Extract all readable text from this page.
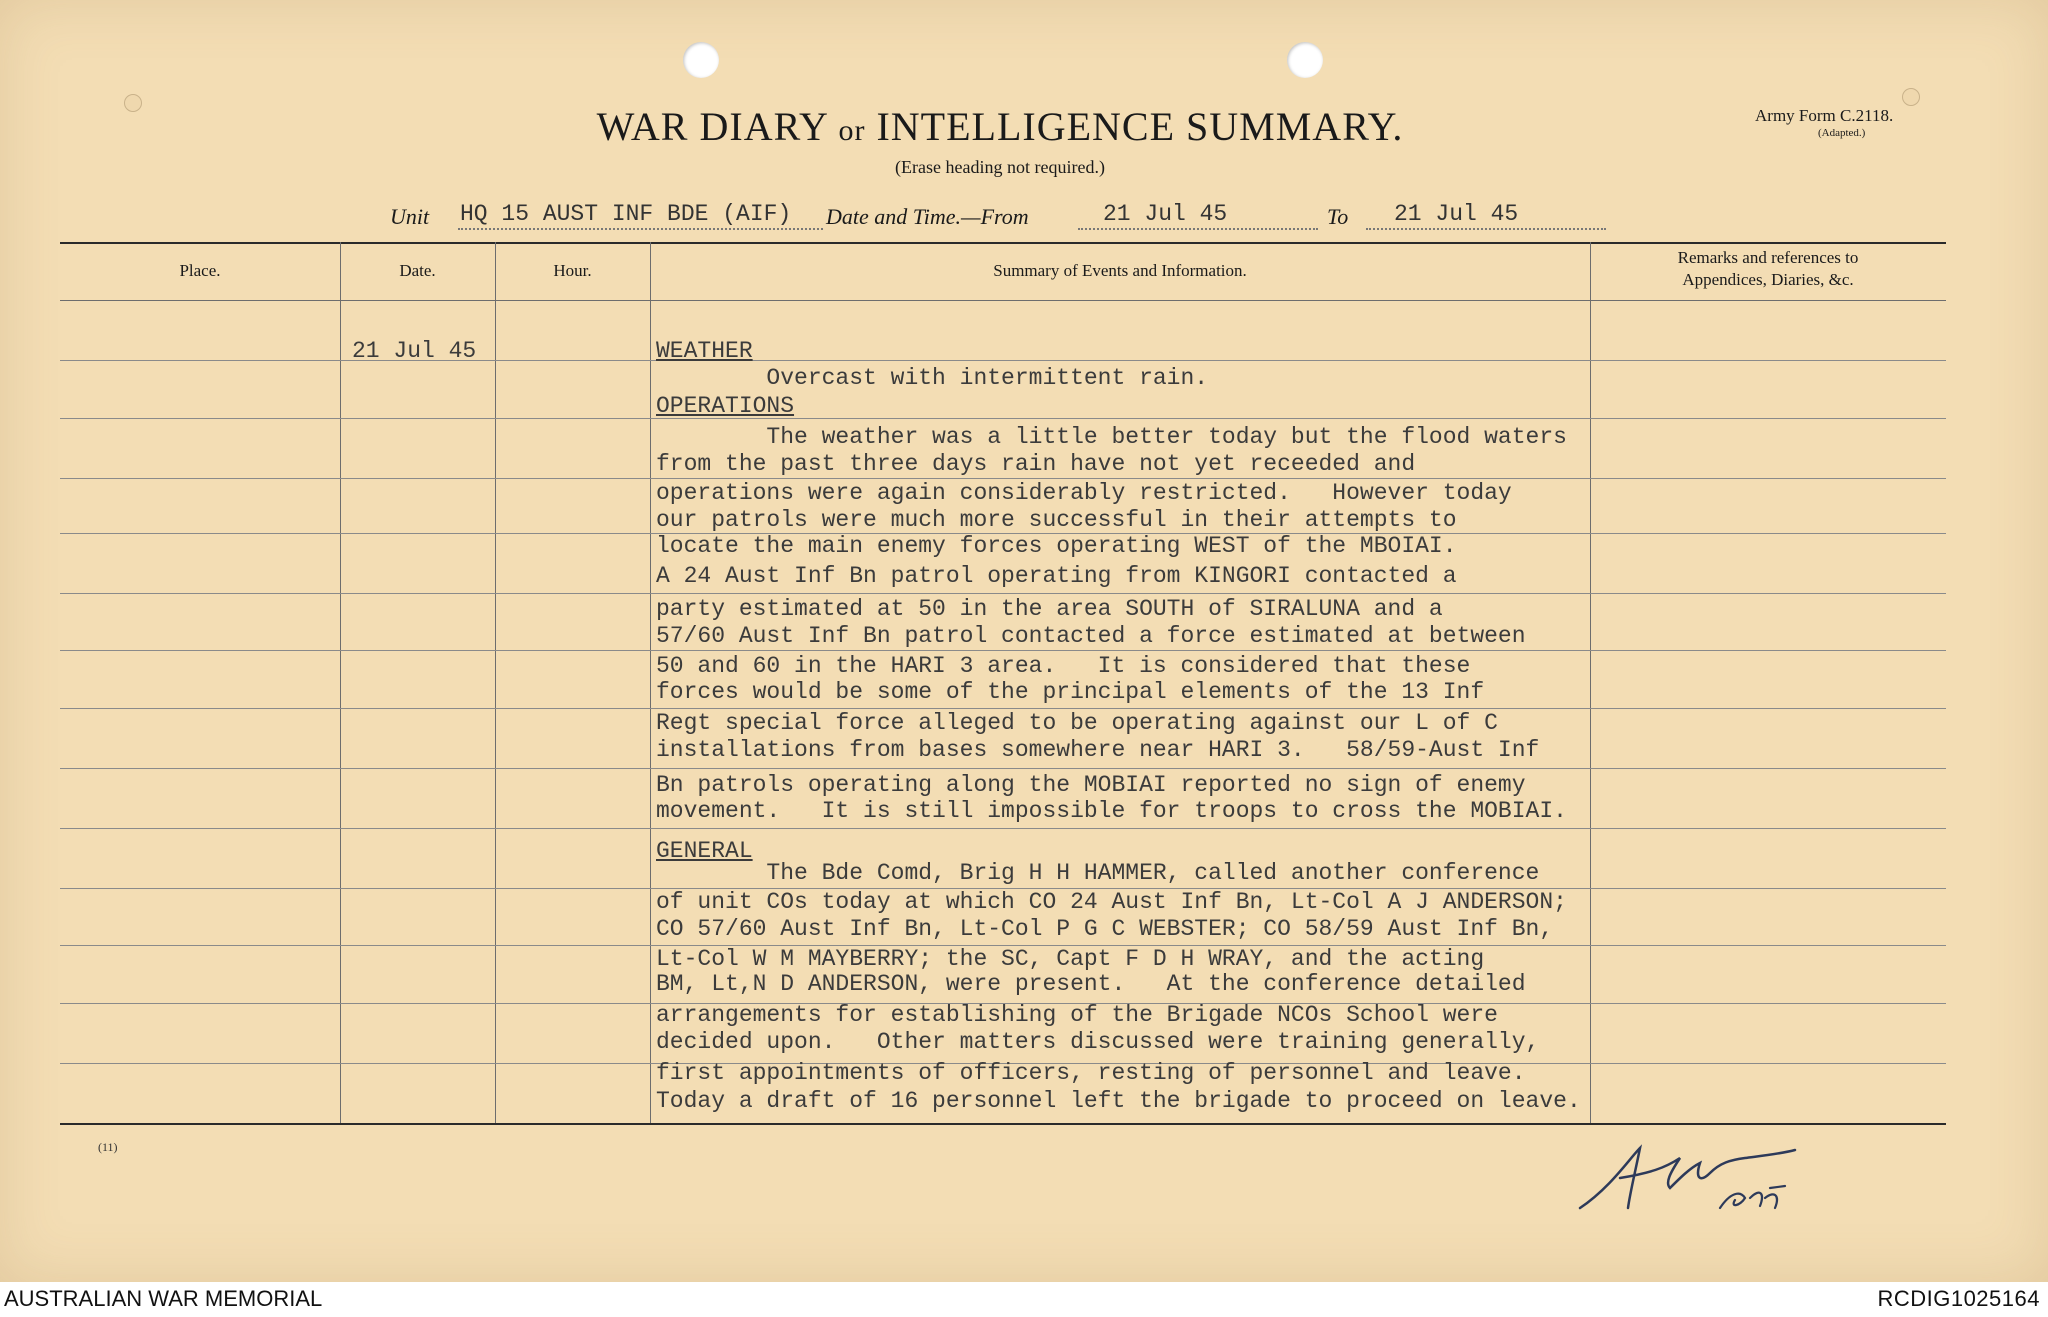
WAR DIARY or INTELLIGENCE SUMMARY.
(Erase heading not required.)
Army Form C.2118.
(Adapted.)
Unit HQ 15 AUST INF BDE (AIF) Date and Time.—From	21 Jul 45	To 21 Jul 45
Place.	Date.	Hour.	Summary of Events and Information.
Remarks and references to
Appendices, Diaries, &c.
21 Jul 45	WEATHER
Overcast with intermittent rain.
OPERATIONS
The weather was a little better today but the flood waters
from the past three days rain have not yet receeded and
operations were again considerably restricted.   However today
our patrols were much more successful in their attempts to
locate the main enemy forces operating WEST of the MBOIAI.
A 24 Aust Inf Bn patrol operating from KINGORI contacted a
party estimated at 50 in the area SOUTH of SIRALUNA and a
57/60 Aust Inf Bn patrol contacted a force estimated at between
50 and 60 in the HARI 3 area.   It is considered that these
forces would be some of the principal elements of the 13 Inf
Regt special force alleged to be operating against our L of C
installations from bases somewhere near HARI 3.   58/59-Aust Inf
Bn patrols operating along the MOBIAI reported no sign of enemy
movement.   It is still impossible for troops to cross the MOBIAI.
GENERAL
The Bde Comd, Brig H H HAMMER, called another conference
of unit COs today at which CO 24 Aust Inf Bn, Lt-Col A J ANDERSON;
CO 57/60 Aust Inf Bn, Lt-Col P G C WEBSTER; CO 58/59 Aust Inf Bn,
Lt-Col W M MAYBERRY; the SC, Capt F D H WRAY, and the acting
BM, Lt,N D ANDERSON, were present.   At the conference detailed
arrangements for establishing of the Brigade NCOs School were
decided upon.   Other matters discussed were training generally,
first appointments of officers, resting of personnel and leave.
Today a draft of 16 personnel left the brigade to proceed on leave.
(11)
AUSTRALIAN WAR MEMORIAL	RCDIG1025164
